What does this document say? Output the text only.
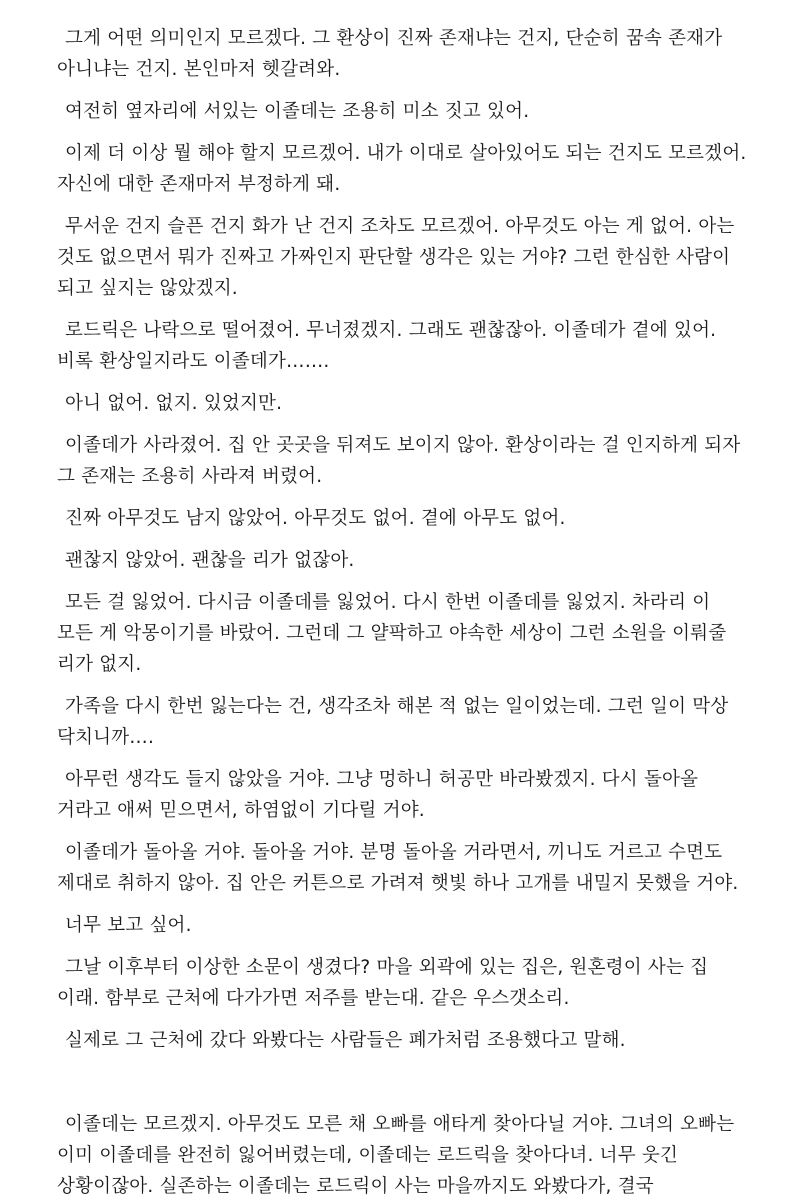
그게 어떤 의미인지 모르겠다. 그 환상이 진짜 존재냐는 건지, 단순히 꿈속 존재가 아니냐는 건지. 본인마저 헷갈려와.

여전히 옆자리에 서있는 이졸데는 조용히 미소 짓고 있어.

이제 더 이상 뭘 해야 할지 모르겠어. 내가 이대로 살아있어도 되는 건지도 모르겠어. 자신에 대한 존재마저 부정하게 돼.

무서운 건지 슬픈 건지 화가 난 건지 조차도 모르겠어. 아무것도 아는 게 없어. 아는 것도 없으면서 뭐가 진짜고 가짜인지 판단할 생각은 있는 거야? 그런 한심한 사람이 되고 싶지는 않았겠지.

로드릭은 나락으로 떨어졌어. 무너졌겠지. 그래도 괜찮잖아. 이졸데가 곁에 있어. 비록 환상일지라도 이졸데가…….

아니 없어. 없지. 있었지만.

이졸데가 사라졌어. 집 안 곳곳을 뒤져도 보이지 않아. 환상이라는 걸 인지하게 되자 그 존재는 조용히 사라져 버렸어.

진짜 아무것도 남지 않았어. 아무것도 없어. 곁에 아무도 없어.

괜찮지 않았어. 괜찮을 리가 없잖아.

모든 걸 잃었어. 다시금 이졸데를 잃었어. 다시 한번 이졸데를 잃었지. 차라리 이 모든 게 악몽이기를 바랐어. 그런데 그 얄팍하고 야속한 세상이 그런 소원을 이뤄줄 리가 없지.

가족을 다시 한번 잃는다는 건, 생각조차 해본 적 없는 일이었는데. 그런 일이 막상 닥치니까….

아무런 생각도 들지 않았을 거야. 그냥 멍하니 허공만 바라봤겠지. 다시 돌아올 거라고 애써 믿으면서, 하염없이 기다릴 거야.

이졸데가 돌아올 거야. 돌아올 거야. 분명 돌아올 거라면서, 끼니도 거르고 수면도 제대로 취하지 않아. 집 안은 커튼으로 가려져 햇빛 하나 고개를 내밀지 못했을 거야.

너무 보고 싶어.

그날 이후부터 이상한 소문이 생겼다? 마을 외곽에 있는 집은, 원혼령이 사는 집 이래. 함부로 근처에 다가가면 저주를 받는대. 같은 우스갯소리.

실제로 그 근처에 갔다 와봤다는 사람들은 폐가처럼 조용했다고 말해.

이졸데는 모르겠지. 아무것도 모른 채 오빠를 애타게 찾아다닐 거야. 그녀의 오빠는 이미 이졸데를 완전히 잃어버렸는데, 이졸데는 로드릭을 찾아다녀. 너무 웃긴 상황이잖아. 실존하는 이졸데는 로드릭이 사는 마을까지도 와봤다가, 결국
